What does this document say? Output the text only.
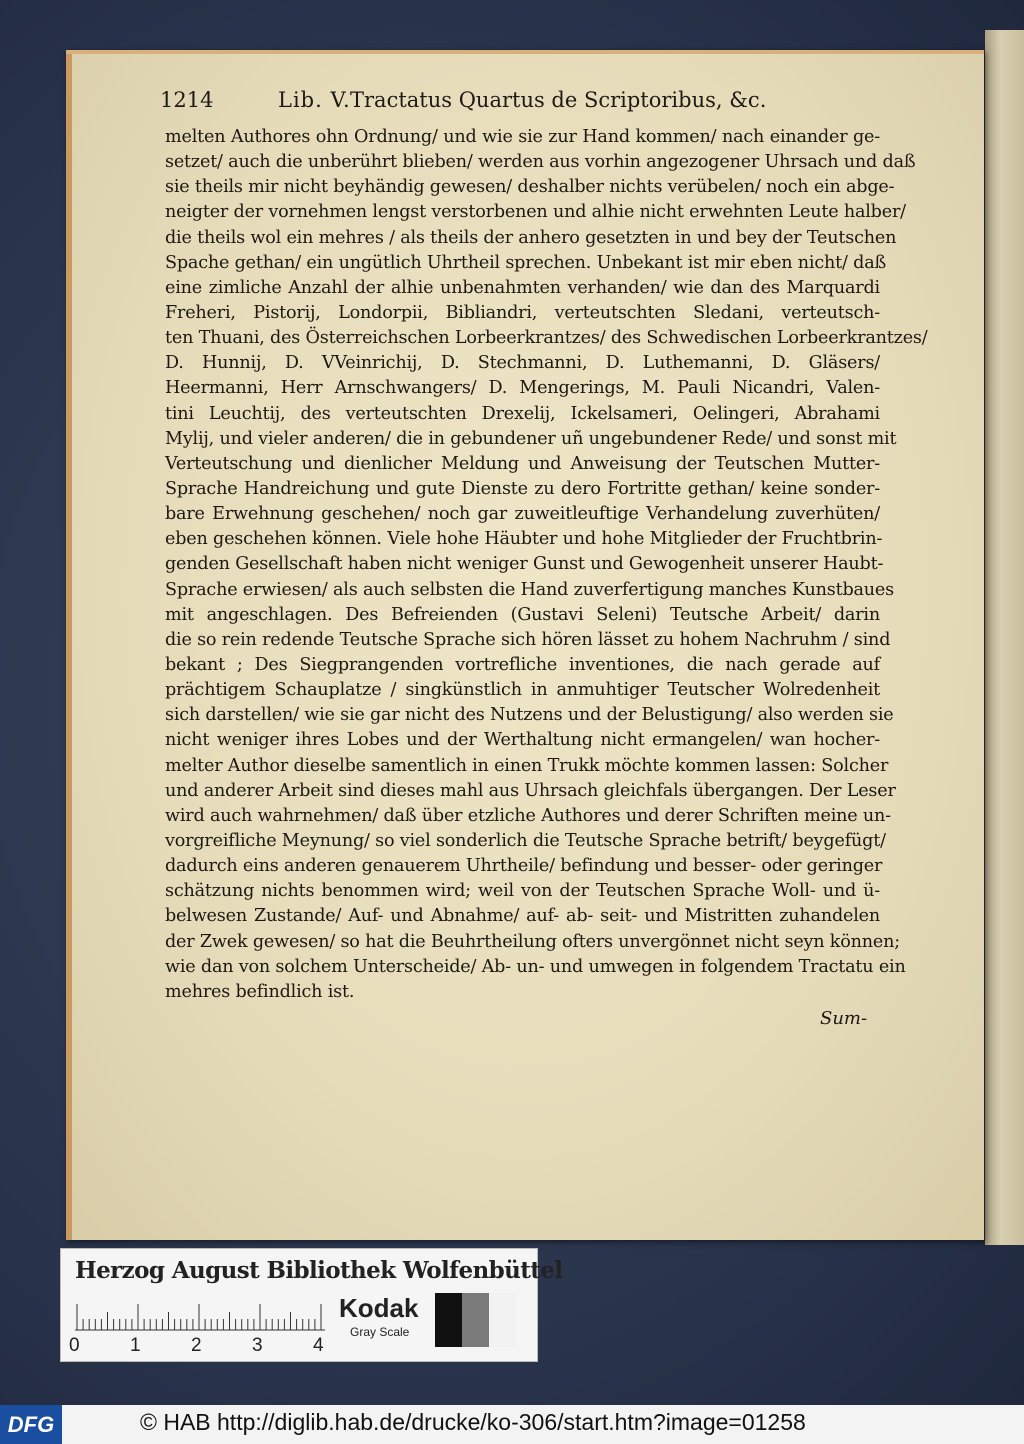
1214	Lib. V.Tractatus Quartus de Scriptoribus, &c.
melten Authores ohn Ordnung/ und wie sie zur Hand kommen/ nach einander ge-
setzet/ auch die unberührt blieben/ werden aus vorhin angezogener Uhrsach und daß
sie theils mir nicht beyhändig gewesen/ deshalber nichts verübelen/ noch ein abge-
neigter der vornehmen lengst verstorbenen und alhie nicht erwehnten Leute halber/
die theils wol ein mehres / als theils der anhero gesetzten in und bey der Teutschen
Spache gethan/ ein ungütlich Uhrtheil sprechen. Unbekant ist mir eben nicht/ daß
eine zimliche Anzahl der alhie unbenahmten verhanden/ wie dan des Marquardi
Freheri, Pistorij, Londorpii, Bibliandri, verteutschten Sledani, verteutsch-
ten Thuani, des Österreichschen Lorbeerkrantzes/ des Schwedischen Lorbeerkrantzes/
D. Hunnij, D. VVeinrichij, D. Stechmanni, D. Luthemanni, D. Gläsers/
Heermanni, Herr Arnschwangers/ D. Mengerings, M. Pauli Nicandri, Valen-
tini Leuchtij, des verteutschten Drexelij, Ickelsameri, Oelingeri, Abrahami
Mylij, und vieler anderen/ die in gebundener uñ ungebundener Rede/ und sonst mit
Verteutschung und dienlicher Meldung und Anweisung der Teutschen Mutter-
Sprache Handreichung und gute Dienste zu dero Fortritte gethan/ keine sonder-
bare Erwehnung geschehen/ noch gar zuweitleuftige Verhandelung zuverhüten/
eben geschehen können. Viele hohe Häubter und hohe Mitglieder der Fruchtbrin-
genden Gesellschaft haben nicht weniger Gunst und Gewogenheit unserer Haubt-
Sprache erwiesen/ als auch selbsten die Hand zuverfertigung manches Kunstbaues
mit angeschlagen. Des Befreienden (Gustavi Seleni) Teutsche Arbeit/ darin
die so rein redende Teutsche Sprache sich hören lässet zu hohem Nachruhm / sind
bekant ; Des Siegprangenden vortrefliche inventiones, die nach gerade auf
prächtigem Schauplatze / singkünstlich in anmuhtiger Teutscher Wolredenheit
sich darstellen/ wie sie gar nicht des Nutzens und der Belustigung/ also werden sie
nicht weniger ihres Lobes und der Werthaltung nicht ermangelen/ wan hocher-
melter Author dieselbe samentlich in einen Trukk möchte kommen lassen: Solcher
und anderer Arbeit sind dieses mahl aus Uhrsach gleichfals übergangen. Der Leser
wird auch wahrnehmen/ daß über etzliche Authores und derer Schriften meine un-
vorgreifliche Meynung/ so viel sonderlich die Teutsche Sprache betrift/ beygefügt/
dadurch eins anderen genauerem Uhrtheile/ befindung und besser- oder geringer
schätzung nichts benommen wird; weil von der Teutschen Sprache Woll- und ü-
belwesen Zustande/ Auf- und Abnahme/ auf- ab- seit- und Mistritten zuhandelen
der Zwek gewesen/ so hat die Beuhrtheilung ofters unvergönnet nicht seyn können;
wie dan von solchem Unterscheide/ Ab- un- und umwegen in folgendem Tractatu ein
mehres befindlich ist.
Sum-
Herzog August Bibliothek Wolfenbüttel
0	1	2	3	4
Kodak
Gray Scale
DFG	© HAB http://diglib.hab.de/drucke/ko-306/start.htm?image=01258
